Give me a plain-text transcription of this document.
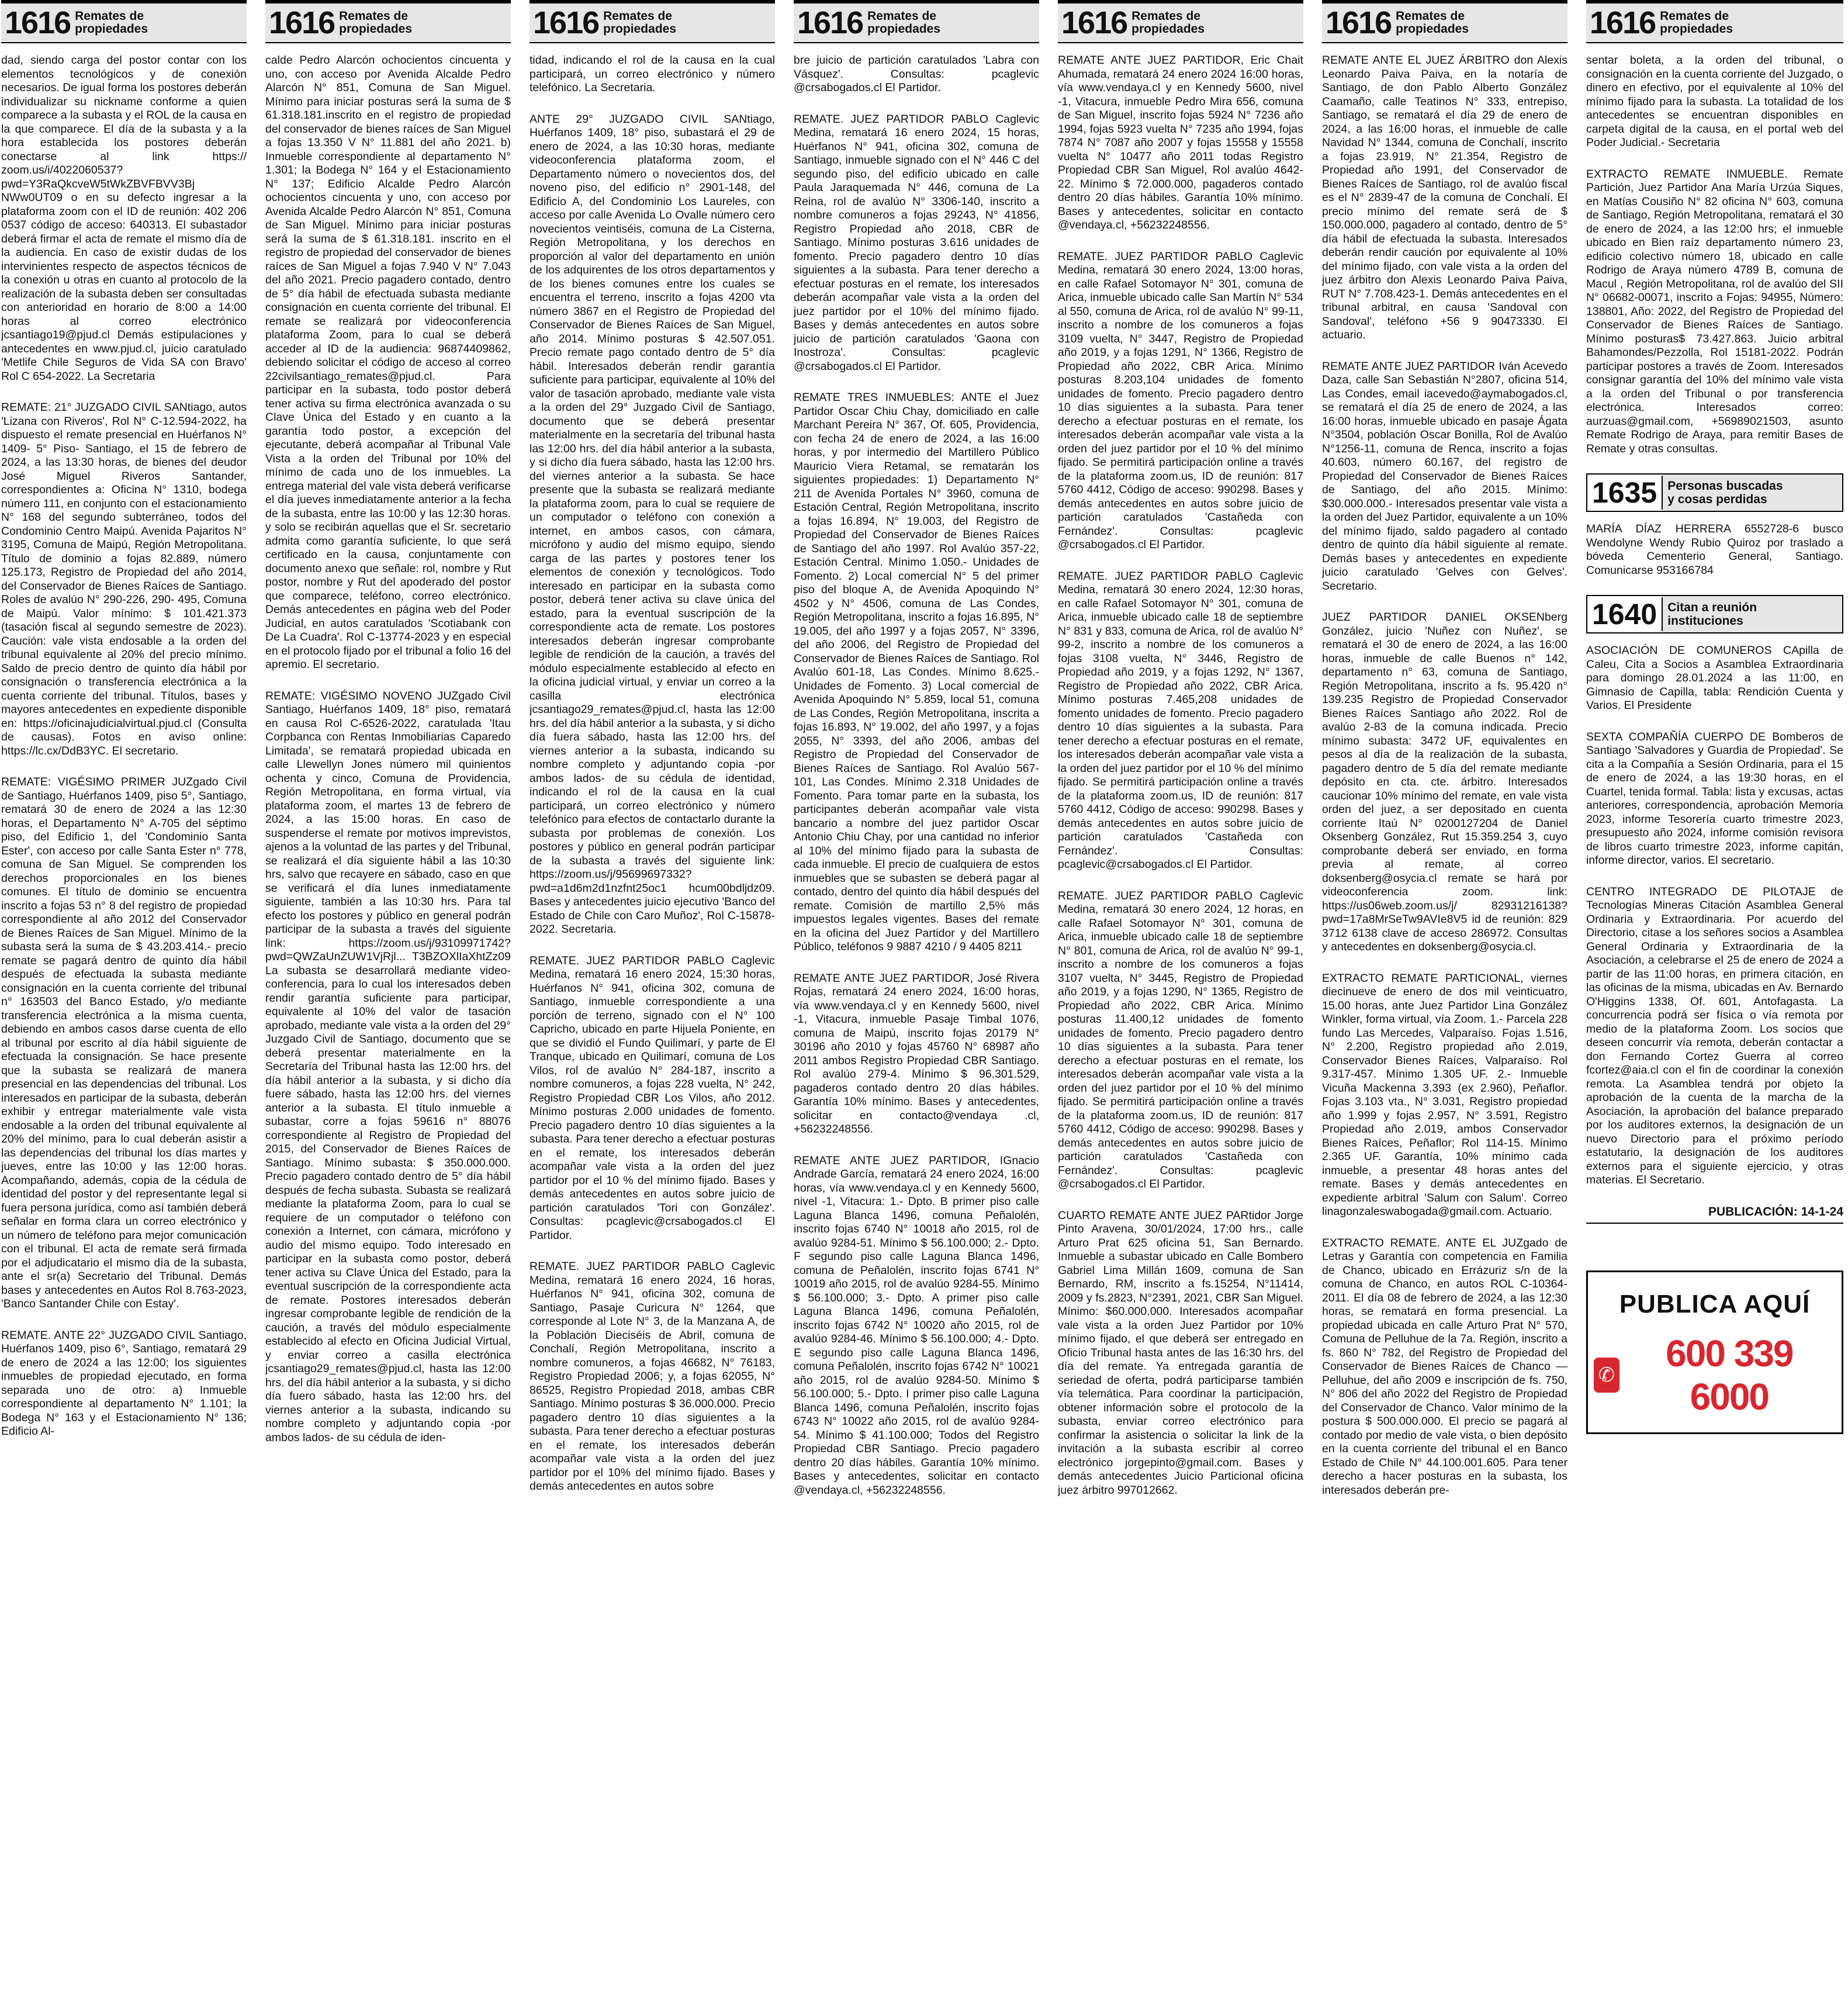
1616 Remates de
propiedades

dad, siendo carga del postor contar con los elementos tecnológicos y de conexión necesarios. De igual forma los postores deberán individualizar su nickname conforme a quien comparece a la subasta y el ROL de la causa en la que comparece. El día de la subasta y a la hora establecida los postores deberán conectarse al link https:// zoom.us/i/4022060537? pwd=Y3RaQkcveW5tWkZBVFBVV3Bj NWw0UT09 o en su defecto ingresar a la plataforma zoom con el ID de reunión: 402 206 0537 código de acceso: 640313. El subastador deberá firmar el acta de remate el mismo día de la audiencia. En caso de existir dudas de los intervinientes respecto de aspectos técnicos de la conexión u otras en cuanto al protocolo de la realización de la subasta deben ser consultadas con anterioridad en horario de 8:00 a 14:00 horas al correo electrónico jcsantiago19@pjud.cl Demás estipulaciones y antecedentes en www.pjud.cl, juicio caratulado 'Metlife Chile Seguros de Vida SA con Bravo' Rol C 654-2022. La Secretaria

REMATE: 21° JUZGADO CIVIL SANtiago, autos 'Lizana con Riveros', Rol N° C-12.594-2022, ha dispuesto el remate presencial en Huérfanos N° 1409- 5° Piso- Santiago, el 15 de febrero de 2024, a las 13:30 horas, de bienes del deudor José Miguel Riveros Santander, correspondientes a: Oficina N° 1310, bodega número 111, en conjunto con el estacionamiento N° 168 del segundo subterráneo, todos del Condominio Centro Maipú. Avenida Pajaritos N° 3195, Comuna de Maipú, Región Metropolitana. Título de dominio a fojas 82.889, número 125.173, Registro de Propiedad del año 2014, del Conservador de Bienes Raíces de Santiago. Roles de avalúo N° 290-226, 290- 495, Comuna de Maipú. Valor mínimo: $ 101.421.373 (tasación fiscal al segundo semestre de 2023). Caución: vale vista endosable a la orden del tribunal equivalente al 20% del precio mínimo. Saldo de precio dentro de quinto día hábil por consignación o transferencia electrónica a la cuenta corriente del tribunal. Títulos, bases y mayores antecedentes en expediente disponible en: https://oficinajudicialvirtual.pjud.cl (Consulta de causas). Fotos en aviso online: https://lc.cx/DdB3YC. El secretario.

REMATE: VIGÉSIMO PRIMER JUZgado Civil de Santiago, Huérfanos 1409, piso 5°, Santiago, rematará 30 de enero de 2024 a las 12:30 horas, el Departamento N° A-705 del séptimo piso, del Edificio 1, del 'Condominio Santa Ester', con acceso por calle Santa Ester n° 778, comuna de San Miguel. Se comprenden los derechos proporcionales en los bienes comunes. El título de dominio se encuentra inscrito a fojas 53 n° 8 del registro de propiedad correspondiente al año 2012 del Conservador de Bienes Raíces de San Miguel. Mínimo de la subasta será la suma de $ 43.203.414.- precio remate se pagará dentro de quinto día hábil después de efectuada la subasta mediante consignación en la cuenta corriente del tribunal n° 163503 del Banco Estado, y/o mediante transferencia electrónica a la misma cuenta, debiendo en ambos casos darse cuenta de ello al tribunal por escrito al día hábil siguiente de efectuada la consignación. Se hace presente que la subasta se realizará de manera presencial en las dependencias del tribunal. Los interesados en participar de la subasta, deberán exhibir y entregar materialmente vale vista endosable a la orden del tribunal equivalente al 20% del mínimo, para lo cual deberán asistir a las dependencias del tribunal los días martes y jueves, entre las 10:00 y las 12:00 horas. Acompañando, además, copia de la cédula de identidad del postor y del representante legal si fuera persona jurídica, como así también deberá señalar en forma clara un correo electrónico y un número de teléfono para mejor comunicación con el tribunal. El acta de remate será firmada por el adjudicatario el mismo día de la subasta, ante el sr(a) Secretario del Tribunal. Demás bases y antecedentes en Autos Rol 8.763-2023, 'Banco Santander Chile con Estay'.

REMATE. ANTE 22° JUZGADO CIVIL Santiago, Huérfanos 1409, piso 6°, Santiago, rematará 29 de enero de 2024 a las 12:00; los siguientes inmuebles de propiedad ejecutado, en forma separada uno de otro: a) Inmueble correspondiente al departamento N° 1.101; la Bodega N° 163 y el Estacionamiento N° 136; Edificio Al-

1616 Remates de
propiedades

calde Pedro Alarcón ochocientos cincuenta y uno, con acceso por Avenida Alcalde Pedro Alarcón N° 851, Comuna de San Miguel. Mínimo para iniciar posturas será la suma de $ 61.318.181.inscrito en el registro de propiedad del conservador de bienes raíces de San Miguel a fojas 13.350 V N° 11.881 del año 2021. b) Inmueble correspondiente al departamento N° 1.301; la Bodega N° 164 y el Estacionamiento N° 137; Edificio Alcalde Pedro Alarcón ochocientos cincuenta y uno, con acceso por Avenida Alcalde Pedro Alarcón N° 851, Comuna de San Miguel. Mínimo para iniciar posturas será la suma de $ 61.318.181. inscrito en el registro de propiedad del conservador de bienes raíces de San Miguel a fojas 7.940 V N° 7.043 del año 2021. Precio pagadero contado, dentro de 5° día hábil de efectuada subasta mediante consignación en cuenta corriente del tribunal. El remate se realizará por videoconferencia plataforma Zoom, para lo cual se deberá acceder al ID de la audiencia: 96874409862, debiendo solicitar el código de acceso al correo 22civilsantiago_remates@pjud.cl. Para participar en la subasta, todo postor deberá tener activa su firma electrónica avanzada o su Clave Única del Estado y en cuanto a la garantía todo postor, a excepción del ejecutante, deberá acompañar al Tribunal Vale Vista a la orden del Tribunal por 10% del mínimo de cada uno de los inmuebles. La entrega material del vale vista deberá verificarse el día jueves inmediatamente anterior a la fecha de la subasta, entre las 10:00 y las 12:30 horas. y solo se recibirán aquellas que el Sr. secretario admita como garantía suficiente, lo que será certificado en la causa, conjuntamente con documento anexo que señale: rol, nombre y Rut postor, nombre y Rut del apoderado del postor que comparece, teléfono, correo electrónico. Demás antecedentes en página web del Poder Judicial, en autos caratulados 'Scotiabank con De La Cuadra'. Rol C-13774-2023 y en especial en el protocolo fijado por el tribunal a folio 16 del apremio. El secretario.

REMATE: VIGÉSIMO NOVENO JUZgado Civil Santiago, Huérfanos 1409, 18° piso, rematará en causa Rol C-6526-2022, caratulada 'Itau Corpbanca con Rentas Inmobiliarias Caparedo Limitada', se rematará propiedad ubicada en calle Llewellyn Jones número mil quinientos ochenta y cinco, Comuna de Providencia, Región Metropolitana, en forma virtual, vía plataforma zoom, el martes 13 de febrero de 2024, a las 15:00 horas. En caso de suspenderse el remate por motivos imprevistos, ajenos a la voluntad de las partes y del Tribunal, se realizará el día siguiente hábil a las 10:30 hrs, salvo que recayere en sábado, caso en que se verificará el día lunes inmediatamente siguiente, también a las 10:30 hrs. Para tal efecto los postores y público en general podrán participar de la subasta a través del siguiente link: https://zoom.us/j/93109971742?pwd=QWZaUnZUW1VjRjl... T3BZOXlIaXhtZz09 La subasta se desarrollará mediante video-conferencia, para lo cual los interesados deben rendir garantía suficiente para participar, equivalente al 10% del valor de tasación aprobado, mediante vale vista a la orden del 29° Juzgado Civil de Santiago, documento que se deberá presentar materialmente en la Secretaría del Tribunal hasta las 12:00 hrs. del día hábil anterior a la subasta, y si dicho día fuere sábado, hasta las 12:00 hrs. del viernes anterior a la subasta. El título inmueble a subastar, corre a fojas 59616 n° 88076 correspondiente al Registro de Propiedad del 2015, del Conservador de Bienes Raíces de Santiago. Mínimo subasta: $ 350.000.000. Precio pagadero contado dentro de 5° día hábil después de fecha subasta. Subasta se realizará mediante la plataforma Zoom, para lo cual se requiere de un computador o teléfono con conexión a Internet, con cámara, micrófono y audio del mismo equipo. Todo interesado en participar en la subasta como postor, deberá tener activa su Clave Única del Estado, para la eventual suscripción de la correspondiente acta de remate. Postores interesados deberán ingresar comprobante legible de rendición de la caución, a través del módulo especialmente establecido al efecto en Oficina Judicial Virtual, y enviar correo a casilla electrónica jcsantiago29_remates@pjud.cl, hasta las 12:00 hrs. del día hábil anterior a la subasta, y si dicho día fuero sábado, hasta las 12:00 hrs. del viernes anterior a la subasta, indicando su nombre completo y adjuntando copia -por ambos lados- de su cédula de iden-

1616 Remates de
propiedades

tidad, indicando el rol de la causa en la cual participará, un correo electrónico y número telefónico. La Secretaria.

ANTE 29° JUZGADO CIVIL SANtiago, Huérfanos 1409, 18° piso, subastará el 29 de enero de 2024, a las 10:30 horas, mediante videoconferencia plataforma zoom, el Departamento número o novecientos dos, del noveno piso, del edificio n° 2901-148, del Edificio A, del Condominio Los Laureles, con acceso por calle Avenida Lo Ovalle número cero novecientos veintiséis, comuna de La Cisterna, Región Metropolitana, y los derechos en proporción al valor del departamento en unión de los adquirentes de los otros departamentos y de los bienes comunes entre los cuales se encuentra el terreno, inscrito a fojas 4200 vta número 3867 en el Registro de Propiedad del Conservador de Bienes Raíces de San Miguel, año 2014. Mínimo posturas $ 42.507.051. Precio remate pago contado dentro de 5° día hábil. Interesados deberán rendir garantía suficiente para participar, equivalente al 10% del valor de tasación aprobado, mediante vale vista a la orden del 29° Juzgado Civil de Santiago, documento que se deberá presentar materialmente en la secretaría del tribunal hasta las 12:00 hrs. del día hábil anterior a la subasta, y si dicho día fuera sábado, hasta las 12:00 hrs. del viernes anterior a la subasta. Se hace presente que la subasta se realizará mediante la plataforma zoom, para lo cual se requiere de un computador o teléfono con conexión a internet, en ambos casos, con cámara, micrófono y audio del mismo equipo, siendo carga de las partes y postores tener los elementos de conexión y tecnológicos. Todo interesado en participar en la subasta como postor, deberá tener activa su clave única del estado, para la eventual suscripción de la correspondiente acta de remate. Los postores interesados deberán ingresar comprobante legible de rendición de la caución, a través del módulo especialmente establecido al efecto en la oficina judicial virtual, y enviar un correo a la casilla electrónica jcsantiago29_remates@pjud.cl, hasta las 12:00 hrs. del día hábil anterior a la subasta, y si dicho día fuera sábado, hasta las 12:00 hrs. del viernes anterior a la subasta, indicando su nombre completo y adjuntando copia -por ambos lados- de su cédula de identidad, indicando el rol de la causa en la cual participará, un correo electrónico y número telefónico para efectos de contactarlo durante la subasta por problemas de conexión. Los postores y público en general podrán participar de la subasta a través del siguiente link: https://zoom.us/j/95699697332?pwd=a1d6m2d1nzfnt25oc1 hcum00bdljdz09. Bases y antecedentes juicio ejecutivo 'Banco del Estado de Chile con Caro Muñoz', Rol C-15878-2022. Secretaria.

REMATE. JUEZ PARTIDOR PABLO Caglevic Medina, rematará 16 enero 2024, 15:30 horas, Huérfanos N° 941, oficina 302, comuna de Santiago, inmueble correspondiente a una porción de terreno, signado con el N° 100 Capricho, ubicado en parte Hijuela Poniente, en que se dividió el Fundo Quilimarí, y parte de El Tranque, ubicado en Quilimarí, comuna de Los Vilos, rol de avalúo N° 284-187, inscrito a nombre comuneros, a fojas 228 vuelta, N° 242, Registro Propiedad CBR Los Vilos, año 2012. Mínimo posturas 2.000 unidades de fomento. Precio pagadero dentro 10 días siguientes a la subasta. Para tener derecho a efectuar posturas en el remate, los interesados deberán acompañar vale vista a la orden del juez partidor por el 10 % del mínimo fijado. Bases y demás antecedentes en autos sobre juicio de partición caratulados 'Tori con González'. Consultas: pcaglevic@crsabogados.cl El Partidor.

REMATE. JUEZ PARTIDOR PABLO Caglevic Medina, rematará 16 enero 2024, 16 horas, Huérfanos N° 941, oficina 302, comuna de Santiago, Pasaje Curicura N° 1264, que corresponde al Lote N° 3, de la Manzana A, de la Población Dieciséis de Abril, comuna de Conchalí, Región Metropolitana, inscrito a nombre comuneros, a fojas 46682, N° 76183, Registro Propiedad 2006; y, a fojas 62055, N° 86525, Registro Propiedad 2018, ambas CBR Santiago. Mínimo posturas $ 36.000.000. Precio pagadero dentro 10 días siguientes a la subasta. Para tener derecho a efectuar posturas en el remate, los interesados deberán acompañar vale vista a la orden del juez partidor por el 10% del mínimo fijado. Bases y demás antecedentes en autos sobre

1616 Remates de
propiedades

bre juicio de partición caratulados 'Labra con Vásquez'. Consultas: pcaglevic @crsabogados.cl El Partidor.

REMATE. JUEZ PARTIDOR PABLO Caglevic Medina, rematará 16 enero 2024, 15 horas, Huérfanos N° 941, oficina 302, comuna de Santiago, inmueble signado con el N° 446 C del segundo piso, del edificio ubicado en calle Paula Jaraquemada N° 446, comuna de La Reina, rol de avalúo N° 3306-140, inscrito a nombre comuneros a fojas 29243, N° 41856, Registro Propiedad año 2018, CBR de Santiago. Mínimo posturas 3.616 unidades de fomento. Precio pagadero dentro 10 días siguientes a la subasta. Para tener derecho a efectuar posturas en el remate, los interesados deberán acompañar vale vista a la orden del juez partidor por el 10% del mínimo fijado. Bases y demás antecedentes en autos sobre juicio de partición caratulados 'Gaona con Inostroza'. Consultas: pcaglevic @crsabogados.cl El Partidor.

REMATE TRES INMUEBLES: ANTE el Juez Partidor Oscar Chiu Chay, domiciliado en calle Marchant Pereira N° 367, Of. 605, Providencia, con fecha 24 de enero de 2024, a las 16:00 horas, y por intermedio del Martillero Público Mauricio Viera Retamal, se rematarán los siguientes propiedades: 1) Departamento N° 211 de Avenida Portales N° 3960, comuna de Estación Central, Región Metropolitana, inscrito a fojas 16.894, N° 19.003, del Registro de Propiedad del Conservador de Bienes Raíces de Santiago del año 1997. Rol Avalúo 357-22, Estación Central. Mínimo 1.050.- Unidades de Fomento. 2) Local comercial N° 5 del primer piso del bloque A, de Avenida Apoquindo N° 4502 y N° 4506, comuna de Las Condes, Región Metropolitana, inscrito a fojas 16.895, N° 19.005, del año 1997 y a fojas 2057, N° 3396, del año 2006, del Registro de Propiedad del Conservador de Bienes Raíces de Santiago. Rol Avalúo 601-18, Las Condes. Mínimo 8.625.- Unidades de Fomento. 3) Local comercial de Avenida Apoquindo N° 5.859, local 51, comuna de Las Condes, Región Metropolitana, inscrita a fojas 16.893, N° 19.002, del año 1997, y a fojas 2055, N° 3393, del año 2006, ambas del Registro de Propiedad del Conservador de Bienes Raíces de Santiago. Rol Avalúo 567-101, Las Condes. Mínimo 2.318 Unidades de Fomento. Para tomar parte en la subasta, los participantes deberán acompañar vale vista bancario a nombre del juez partidor Oscar Antonio Chiu Chay, por una cantidad no inferior al 10% del mínimo fijado para la subasta de cada inmueble. El precio de cualquiera de estos inmuebles que se subasten se deberá pagar al contado, dentro del quinto día hábil después del remate. Comisión de martillo 2,5% más impuestos legales vigentes. Bases del remate en la oficina del Juez Partidor y del Martillero Público, teléfonos 9 9887 4210 / 9 4405 8211

REMATE ANTE JUEZ PARTIDOR, José Rivera Rojas, rematará 24 enero 2024, 16:00 horas, vía www.vendaya.cl y en Kennedy 5600, nivel -1, Vitacura, inmueble Pasaje Timbal 1076, comuna de Maipú, inscrito fojas 20179 N° 30196 año 2010 y fojas 45760 N° 68987 año 2011 ambos Registro Propiedad CBR Santiago. Rol avalúo 279-4. Mínimo $ 96.301.529, pagaderos contado dentro 20 días hábiles. Garantía 10% mínimo. Bases y antecedentes, solicitar en contacto@vendaya .cl, +56232248556.

REMATE ANTE JUEZ PARTIDOR, IGnacio Andrade García, rematará 24 enero 2024, 16:00 horas, vía www.vendaya.cl y en Kennedy 5600, nivel -1, Vitacura: 1.- Dpto. B primer piso calle Laguna Blanca 1496, comuna Peñalolén, inscrito fojas 6740 N° 10018 año 2015, rol de avalúo 9284-51. Mínimo $ 56.100.000; 2.- Dpto. F segundo piso calle Laguna Blanca 1496, comuna de Peñalolén, inscrito fojas 6741 N° 10019 año 2015, rol de avalúo 9284-55. Mínimo $ 56.100.000; 3.- Dpto. A primer piso calle Laguna Blanca 1496, comuna Peñalolén, inscrito fojas 6742 N° 10020 año 2015, rol de avalúo 9284-46. Mínimo $ 56.100.000; 4.- Dpto. E segundo piso calle Laguna Blanca 1496, comuna Peñalolén, inscrito fojas 6742 N° 10021 año 2015, rol de avalúo 9284-50. Mínimo $ 56.100.000; 5.- Dpto. I primer piso calle Laguna Blanca 1496, comuna Peñalolén, inscrito fojas 6743 N° 10022 año 2015, rol de avalúo 9284-54. Mínimo $ 41.100.000; Todos del Registro Propiedad CBR Santiago. Precio pagadero dentro 20 días hábiles. Garantía 10% mínimo. Bases y antecedentes, solicitar en contacto @vendaya.cl, +56232248556.

1616 Remates de
propiedades

REMATE ANTE JUEZ PARTIDOR, Eric Chait Ahumada, rematará 24 enero 2024 16:00 horas, vía www.vendaya.cl y en Kennedy 5600, nivel -1, Vitacura, inmueble Pedro Mira 656, comuna de San Miguel, inscrito fojas 5924 N° 7236 año 1994, fojas 5923 vuelta N° 7235 año 1994, fojas 7874 N° 7087 año 2007 y fojas 15558 y 15558 vuelta N° 10477 año 2011 todas Registro Propiedad CBR San Miguel, Rol avalúo 4642-22. Mínimo $ 72.000.000, pagaderos contado dentro 20 días hábiles. Garantía 10% mínimo. Bases y antecedentes, solicitar en contacto @vendaya.cl, +56232248556.

REMATE. JUEZ PARTIDOR PABLO Caglevic Medina, rematará 30 enero 2024, 13:00 horas, en calle Rafael Sotomayor N° 301, comuna de Arica, inmueble ubicado calle San Martín N° 534 al 550, comuna de Arica, rol de avalúo N° 99-11, inscrito a nombre de los comuneros a fojas 3109 vuelta, N° 3447, Registro de Propiedad año 2019, y a fojas 1291, N° 1366, Registro de Propiedad año 2022, CBR Arica. Mínimo posturas 8.203,104 unidades de fomento unidades de fomento. Precio pagadero dentro 10 días siguientes a la subasta. Para tener derecho a efectuar posturas en el remate, los interesados deberán acompañar vale vista a la orden del juez partidor por el 10 % del mínimo fijado. Se permitirá participación online a través de la plataforma zoom.us, ID de reunión: 817 5760 4412, Código de acceso: 990298. Bases y demás antecedentes en autos sobre juicio de partición caratulados 'Castañeda con Fernández'. Consultas: pcaglevic @crsabogados.cl El Partidor.

REMATE. JUEZ PARTIDOR PABLO Caglevic Medina, rematará 30 enero 2024, 12:30 horas, en calle Rafael Sotomayor N° 301, comuna de Arica, inmueble ubicado calle 18 de septiembre N° 831 y 833, comuna de Arica, rol de avalúo N° 99-2, inscrito a nombre de los comuneros a fojas 3108 vuelta, N° 3446, Registro de Propiedad año 2019, y a fojas 1292, N° 1367, Registro de Propiedad año 2022, CBR Arica. Mínimo posturas 7.465,208 unidades de fomento unidades de fomento. Precio pagadero dentro 10 días siguientes a la subasta. Para tener derecho a efectuar posturas en el remate, los interesados deberán acompañar vale vista a la orden del juez partidor por el 10 % del mínimo fijado. Se permitirá participación online a través de la plataforma zoom.us, ID de reunión: 817 5760 4412, Código de acceso: 990298. Bases y demás antecedentes en autos sobre juicio de partición caratulados 'Castañeda con Fernández'. Consultas: pcaglevic@crsabogados.cl El Partidor.

REMATE. JUEZ PARTIDOR PABLO Caglevic Medina, rematará 30 enero 2024, 12 horas, en calle Rafael Sotomayor N° 301, comuna de Arica, inmueble ubicado calle 18 de septiembre N° 801, comuna de Arica, rol de avalúo N° 99-1, inscrito a nombre de los comuneros a fojas 3107 vuelta, N° 3445, Registro de Propiedad año 2019, y a fojas 1290, N° 1365, Registro de Propiedad año 2022, CBR Arica. Mínimo posturas 11.400,12 unidades de fomento unidades de fomento. Precio pagadero dentro 10 días siguientes a la subasta. Para tener derecho a efectuar posturas en el remate, los interesados deberán acompañar vale vista a la orden del juez partidor por el 10 % del mínimo fijado. Se permitirá participación online a través de la plataforma zoom.us, ID de reunión: 817 5760 4412, Código de acceso: 990298. Bases y demás antecedentes en autos sobre juicio de partición caratulados 'Castañeda con Fernández'. Consultas: pcaglevic @crsabogados.cl El Partidor.

CUARTO REMATE ANTE JUEZ PARtidor Jorge Pinto Aravena, 30/01/2024, 17:00 hrs., calle Arturo Prat 625 oficina 51, San Bernardo. Inmueble a subastar ubicado en Calle Bombero Gabriel Lima Millán 1609, comuna de San Bernardo, RM, inscrito a fs.15254, N°11414, 2009 y fs.2823, N°2391, 2021, CBR San Miguel. Mínimo: $60.000.000. Interesados acompañar vale vista a la orden Juez Partidor por 10% mínimo fijado, el que deberá ser entregado en Oficio Tribunal hasta antes de las 16:30 hrs. del día del remate. Ya entregada garantía de seriedad de oferta, podrá participarse también vía telemática. Para coordinar la participación, obtener información sobre el protocolo de la subasta, enviar correo electrónico para confirmar la asistencia o solicitar la link de la invitación a la subasta escribir al correo electrónico jorgepinto@gmail.com. Bases y demás antecedentes Juicio Particional oficina juez árbitro 997012662.

1616 Remates de
propiedades

REMATE ANTE EL JUEZ ÁRBITRO don Alexis Leonardo Paiva Paiva, en la notaría de Santiago, de don Pablo Alberto González Caamaño, calle Teatinos N° 333, entrepiso, Santiago, se rematará el día 29 de enero de 2024, a las 16:00 horas, el inmueble de calle Navidad N° 1344, comuna de Conchalí, inscrito a fojas 23.919, N° 21.354, Registro de Propiedad año 1991, del Conservador de Bienes Raíces de Santiago, rol de avalúo fiscal es el N° 2839-47 de la comuna de Conchalí. El precio mínimo del remate será de $ 150.000.000, pagadero al contado, dentro de 5° día hábil de efectuada la subasta. Interesados deberán rendir caución por equivalente al 10% del mínimo fijado, con vale vista a la orden del juez árbitro don Alexis Leonardo Paiva Paiva, RUT N° 7.708.423-1. Demás antecedentes en el tribunal arbitral, en causa 'Sandoval con Sandoval', teléfono +56 9 90473330. El actuario.

REMATE ANTE JUEZ PARTIDOR Iván Acevedo Daza, calle San Sebastián N°2807, oficina 514, Las Condes, email iacevedo@aymabogados.cl, se rematará el día 25 de enero de 2024, a las 16:00 horas, inmueble ubicado en pasaje Ágata N°3504, población Oscar Bonilla, Rol de Avalúo N°1256-11, comuna de Renca, inscrito a fojas 40.603, número 60.167, del registro de Propiedad del Conservador de Bienes Raíces de Santiago, del año 2015. Mínimo: $30.000.000.- Interesados presentar vale vista a la orden del Juez Partidor, equivalente a un 10% del mínimo fijado, saldo pagadero al contado dentro de quinto día hábil siguiente al remate. Demás bases y antecedentes en expediente juicio caratulado 'Gelves con Gelves'. Secretario.

JUEZ PARTIDOR DANIEL OKSENberg González, juicio 'Nuñez con Nuñez', se rematará el 30 de enero de 2024, a las 16:00 horas, inmueble de calle Buenos n° 142, departamento n° 63, comuna de Santiago, Región Metropolitana, inscrito a fs. 95.420 n° 139.235 Registro de Propiedad Conservador Bienes Raíces Santiago año 2022. Rol de avalúo 2-83 de la comuna indicada. Precio mínimo subasta: 3472 UF, equivalentes en pesos al día de la realización de la subasta, pagadero dentro de 5 día del remate mediante depósito en cta. cte. árbitro. Interesados caucionar 10% mínimo del remate, en vale vista orden del juez, a ser depositado en cuenta corriente Itaú N° 0200127204 de Daniel Oksenberg González, Rut 15.359.254 3, cuyo comprobante deberá ser enviado, en forma previa al remate, al correo doksenberg@osycia.cl remate se hará por videoconferencia zoom. link: https://us06web.zoom.us/j/ 82931216138?pwd=17a8MrSeTw9AVIe8V5 id de reunión: 829 3712 6138 clave de acceso 286972. Consultas y antecedentes en doksenberg@osycia.cl.

EXTRACTO REMATE PARTICIONAL, viernes diecinueve de enero de dos mil veinticuatro, 15.00 horas, ante Juez Partidor Lina González Winkler, forma virtual, vía Zoom. 1.- Parcela 228 fundo Las Mercedes, Valparaíso. Fojas 1.516, N° 2.200, Registro propiedad año 2.019, Conservador Bienes Raíces, Valparaíso. Rol 9.317-457. Mínimo 1.305 UF. 2.- Inmueble Vicuña Mackenna 3.393 (ex 2.960), Peñaflor. Fojas 3.103 vta., N° 3.031, Registro propiedad año 1.999 y fojas 2.957, N° 3.591, Registro Propiedad año 2.019, ambos Conservador Bienes Raíces, Peñaflor; Rol 114-15. Mínimo 2.365 UF. Garantía, 10% mínimo cada inmueble, a presentar 48 horas antes del remate. Bases y demás antecedentes en expediente arbitral 'Salum con Salum'. Correo linagonzaleswabogada@gmail.com. Actuario.

EXTRACTO REMATE. ANTE EL JUZgado de Letras y Garantía con competencia en Familia de Chanco, ubicado en Errázuriz s/n de la comuna de Chanco, en autos ROL C-10364-2011. El día 08 de febrero de 2024, a las 12:30 horas, se rematará en forma presencial. La propiedad ubicada en calle Arturo Prat N° 570, Comuna de Pelluhue de la 7a. Región, inscrito a fs. 860 N° 782, del Registro de Propiedad del Conservador de Bienes Raíces de Chanco — Pelluhue, del año 2009 e inscripción de fs. 750, N° 806 del año 2022 del Registro de Propiedad del Conservador de Chanco. Valor mínimo de la postura $ 500.000.000. El precio se pagará al contado por medio de vale vista, o bien depósito en la cuenta corriente del tribunal el en Banco Estado de Chile N° 44.100.001.605. Para tener derecho a hacer posturas en la subasta, los interesados deberán pre-

1616 Remates de
propiedades

sentar boleta, a la orden del tribunal, o consignación en la cuenta corriente del Juzgado, o dinero en efectivo, por el equivalente al 10% del mínimo fijado para la subasta. La totalidad de los antecedentes se encuentran disponibles en carpeta digital de la causa, en el portal web del Poder Judicial.- Secretaria

EXTRACTO REMATE INMUEBLE. Remate Partición, Juez Partidor Ana María Urzúa Siques, en Matías Cousiño N° 82 oficina N° 603, comuna de Santiago, Región Metropolitana, rematará el 30 de enero de 2024, a las 12:00 hrs; el inmueble ubicado en Bien raíz departamento número 23, edificio colectivo número 18, ubicado en calle Rodrigo de Araya número 4789 B, comuna de Macul , Región Metropolitana, rol de avalúo del SII N° 06682-00071, inscrito a Fojas: 94955, Número: 138801, Año: 2022, del Registro de Propiedad del Conservador de Bienes Raíces de Santiago. Mínimo posturas$ 73.427.863. Juicio arbitral Bahamondes/Pezzolla, Rol 15181-2022. Podrán participar postores a través de Zoom. Interesados consignar garantía del 10% del mínimo vale vista a la orden del Tribunal o por transferencia electrónica. Interesados correo: aurzuas@gmail.com, +56989021503, asunto Remate Rodrigo de Araya, para remitir Bases de Remate y otras consultas.

1635 Personas buscadas
y cosas perdidas

MARÍA DÍAZ HERRERA 6552728-6 busco Wendolyne Wendy Rubio Quiroz por traslado a bóveda Cementerio General, Santiago. Comunicarse 953166784

1640 Citan a reunión
instituciones

ASOCIACIÓN DE COMUNEROS CApilla de Caleu, Cita a Socios a Asamblea Extraordinaria para domingo 28.01.2024 a las 11:00, en Gimnasio de Capilla, tabla: Rendición Cuenta y Varios. El Presidente

SEXTA COMPAÑÍA CUERPO DE Bomberos de Santiago 'Salvadores y Guardia de Propiedad'. Se cita a la Compañía a Sesión Ordinaria, para el 15 de enero de 2024, a las 19:30 horas, en el Cuartel, tenida formal. Tabla: lista y excusas, actas anteriores, correspondencia, aprobación Memoria 2023, informe Tesorería cuarto trimestre 2023, presupuesto año 2024, informe comisión revisora de libros cuarto trimestre 2023, informe capitán, informe director, varios. El secretario.

CENTRO INTEGRADO DE PILOTAJE de Tecnologías Mineras Citación Asamblea General Ordinaria y Extraordinaria. Por acuerdo del Directorio, citase a los señores socios a Asamblea General Ordinaria y Extraordinaria de la Asociación, a celebrarse el 25 de enero de 2024 a partir de las 11:00 horas, en primera citación, en las oficinas de la misma, ubicadas en Av. Bernardo O'Higgins 1338, Of. 601, Antofagasta. La concurrencia podrá ser física o vía remota por medio de la plataforma Zoom. Los socios que deseen concurrir vía remota, deberán contactar a don Fernando Cortez Guerra al correo fcortez@aia.cl con el fin de coordinar la conexión remota. La Asamblea tendrá por objeto la aprobación de la cuenta de la marcha de la Asociación, la aprobación del balance preparado por los auditores externos, la designación de un nuevo Directorio para el próximo período estatutario, la designación de los auditores externos para el siguiente ejercicio, y otras materias. El Secretario.

PUBLICACIÓN: 14-1-24
PUBLICA AQUÍ
✆
600 339 6000
